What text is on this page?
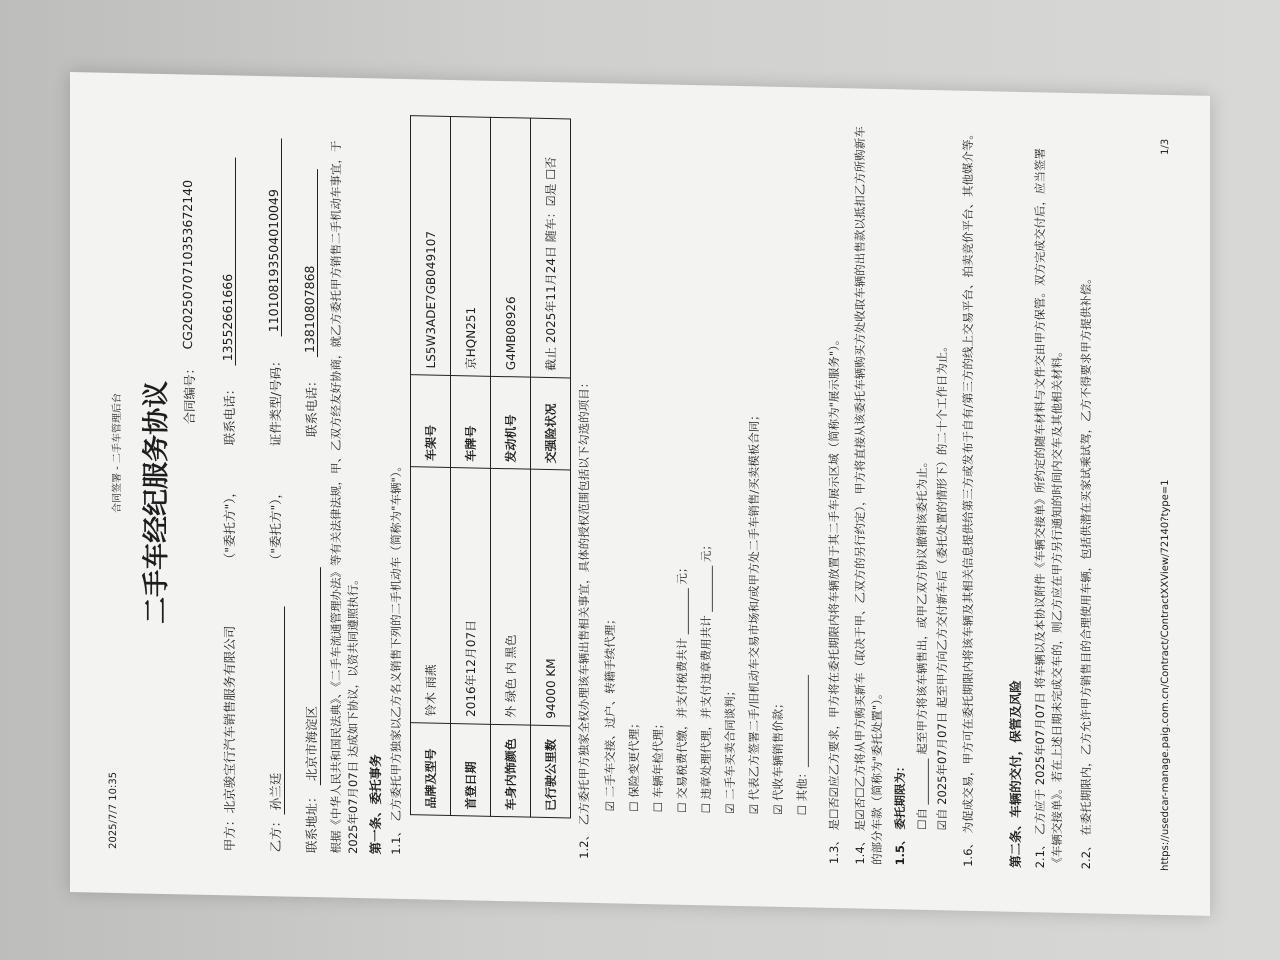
2025/7/7 10:35
合同签署 - 二手车管理后台 二手车经纪服务协议 合同编号：
CG20250707103536721​40
甲方：
北京骏宝行汽车销售服务有限公司
（"委托方"），
联系电话：
13552661666
乙方：
孙兰廷
（"委托方"），
证件类型/号码：
110108193504010049
联系地址：
北京市海淀区
联系电话：
13810807868 根据《中华人民共和国民法典》、《二手车流通管理办法》等有关法律法规，甲、乙双方经友好协商，就乙方委托甲方销售二手机动车事宜，于 2025年07月07日 达成如下协议，以资共同遵照执行。 第一条、委托事务 1.1、 乙方委托甲方独家以乙方名义销售下列的二手机动车（简称为"车辆"）。 品牌及型号	铃木 雨燕	车架号	LS5W3ADE7GB049107
首登日期	2016年12月07日	车牌号	京HQN251
车身内饰颜色	外 绿色 内 黑色	发动机号	G4MB08926
已行驶公里数	94000 KM	交强险状况	截止 2025年11月24日 随车：☑是 ☐否
1.2、 乙方委托甲方独家全权办理该车辆出售相关事宜，具体的授权范围包括以下勾选的项目：	☑ 二手车交接、过户、转籍手续代理； ☐ 保险变更代理； ☐ 车辆年检代理； ☐ 交易税费代缴，并支付税费共计 ________ 元； ☐ 违章处理代理，并支付违章费用共计 ________ 元； ☑ 二手车买卖合同谈判； ☑ 代表乙方签署二手/旧机动车交易市场和/或甲方处二手车销售/买卖模板合同； ☑ 代收车辆销售价款； ☐ 其他：________________	1.3、 是☐否☑应乙方要求，甲方将在委托期限内将车辆放置于其二手车展示区域（简称为"展示服务"）。 1.4、 是☑否☐乙方将从甲方购买新车（取决于甲、乙双方的另行约定），甲方将直接从该委托车辆购买方处收取车辆的出售款以抵扣乙方所购新车的部分车款（简称为"委托处置"）。 1.5、 委托期限为： ☐自 ________ 起至甲方将该车辆售出，或甲乙双方协议撤销该委托为止。 ☑自 2025年07月07日 起至甲方向乙方交付新车后（委托处置的情形下）的二十个工作日为止。 1.6、 为促成交易，甲方可在委托期限内将该车辆及其相关信息提供给第三方或发布于自有/第三方的线上交易平台、拍卖竞价平台、其他媒介等。	第二条、车辆的交付，保管及风险 2.1、 乙方应于 2025年07月07日 将车辆以及本协议附件《车辆交接单》所约定的随车材料与文件交由甲方保管。双方完成交付后，应当签署《车辆交接单》。若在上述日期未完成交车的，则乙方应在甲方另行通知的时间内交车及其他相关材料。 2.2、 在委托期限内，乙方允许甲方销售目的合理使用车辆，包括供潜在买家试乘试驾，乙方不得要求甲方提供补偿。	https://usedcar-manage.paig.com.cn/Contract/ContractXXView/72140?type=1
1/3
